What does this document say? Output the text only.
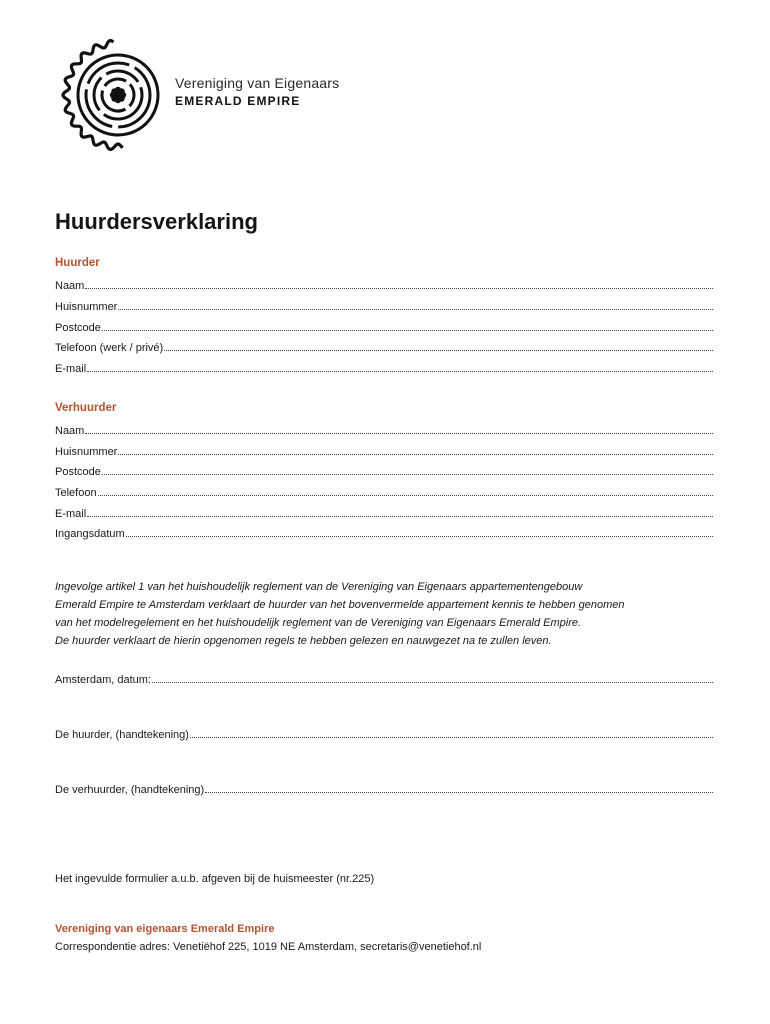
Vereniging van Eigenaars
EMERALD EMPIRE
Huurdersverklaring
Huurder
Naam
Huisnummer
Postcode
Telefoon (werk / privé)
E-mail
Verhuurder
Naam
Huisnummer
Postcode
Telefoon
E-mail
Ingangsdatum

Ingevolge artikel 1 van het huishoudelijk reglement van de Vereniging van Eigenaars appartementengebouw

Emerald Empire te Amsterdam verklaart de huurder van het bovenvermelde appartement kennis te hebben genomen

van het modelregelement en het huishoudelijk reglement van de Vereniging van Eigenaars Emerald Empire.

De huurder verklaart de hierin opgenomen regels te hebben gelezen en nauwgezet na te zullen leven.

Amsterdam, datum:
De huurder, (handtekening)
De verhuurder, (handtekening)
Het ingevulde formulier a.u.b. afgeven bij de huismeester (nr.225)
Vereniging van eigenaars Emerald Empire
Correspondentie adres: Venetiëhof 225, 1019 NE Amsterdam, secretaris@venetiehof.nl
